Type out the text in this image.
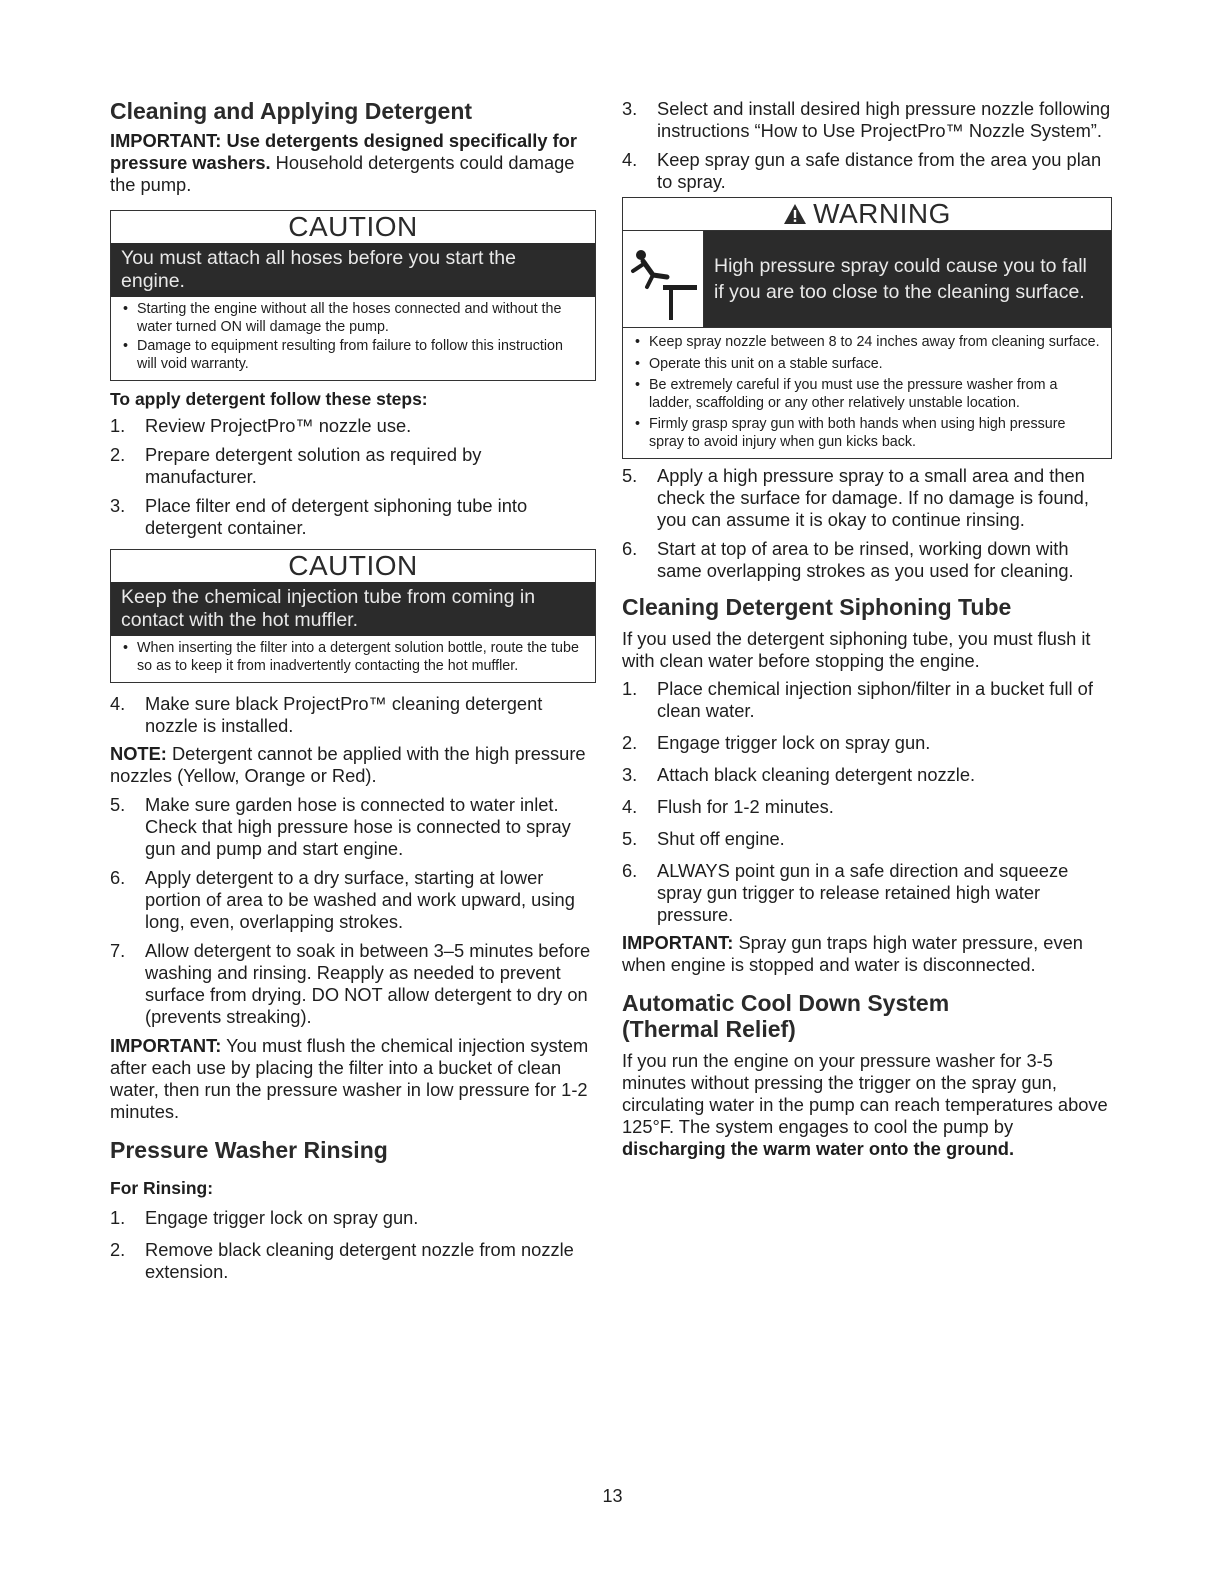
Cleaning and Applying Detergent

IMPORTANT: Use detergents designed specifically for pressure washers. Household detergents could damage the pump.

CAUTION
You must attach all hoses before you start the engine.
• Starting the engine without all the hoses connected and without the water turned ON will damage the pump.
• Damage to equipment resulting from failure to follow this instruction will void warranty.
To apply detergent follow these steps:
1. Review ProjectPro™ nozzle use.
2. Prepare detergent solution as required by manufacturer.
3. Place filter end of detergent siphoning tube into detergent container.
CAUTION
Keep the chemical injection tube from coming in contact with the hot muffler.
• When inserting the filter into a detergent solution bottle, route the tube so as to keep it from inadvertently contacting the hot muffler.
4. Make sure black ProjectPro™ cleaning detergent nozzle is installed.

NOTE: Detergent cannot be applied with the high pressure nozzles (Yellow, Orange or Red).

5. Make sure garden hose is connected to water inlet. Check that high pressure hose is connected to spray gun and pump and start engine.
6. Apply detergent to a dry surface, starting at lower portion of area to be washed and work upward, using long, even, overlapping strokes.
7. Allow detergent to soak in between 3–5 minutes before washing and rinsing. Reapply as needed to prevent surface from drying. DO NOT allow detergent to dry on (prevents streaking).

IMPORTANT: You must flush the chemical injection system after each use by placing the filter into a bucket of clean water, then run the pressure washer in low pressure for 1-2 minutes.

Pressure Washer Rinsing
For Rinsing:
1. Engage trigger lock on spray gun.
2. Remove black cleaning detergent nozzle from nozzle extension.
3. Select and install desired high pressure nozzle following instructions “How to Use ProjectPro™ Nozzle System”.
4. Keep spray gun a safe distance from the area you plan to spray.
WARNING
High pressure spray could cause you to fall
if you are too close to the cleaning surface.
• Keep spray nozzle between 8 to 24 inches away from cleaning surface.
• Operate this unit on a stable surface.
• Be extremely careful if you must use the pressure washer from a ladder, scaffolding or any other relatively unstable location.
• Firmly grasp spray gun with both hands when using high pressure spray to avoid injury when gun kicks back.
5. Apply a high pressure spray to a small area and then check the surface for damage. If no damage is found, you can assume it is okay to continue rinsing.
6. Start at top of area to be rinsed, working down with same overlapping strokes as you used for cleaning.
Cleaning Detergent Siphoning Tube

If you used the detergent siphoning tube, you must flush it with clean water before stopping the engine.

1. Place chemical injection siphon/filter in a bucket full of clean water.
2. Engage trigger lock on spray gun.
3. Attach black cleaning detergent nozzle.
4. Flush for 1-2 minutes.
5. Shut off engine.
6. ALWAYS point gun in a safe direction and squeeze spray gun trigger to release retained high water pressure.

IMPORTANT: Spray gun traps high water pressure, even when engine is stopped and water is disconnected.

Automatic Cool Down System
(Thermal Relief)

If you run the engine on your pressure washer for 3-5 minutes without pressing the trigger on the spray gun, circulating water in the pump can reach temperatures above 125°F. The system engages to cool the pump by discharging the warm water onto the ground.

13
